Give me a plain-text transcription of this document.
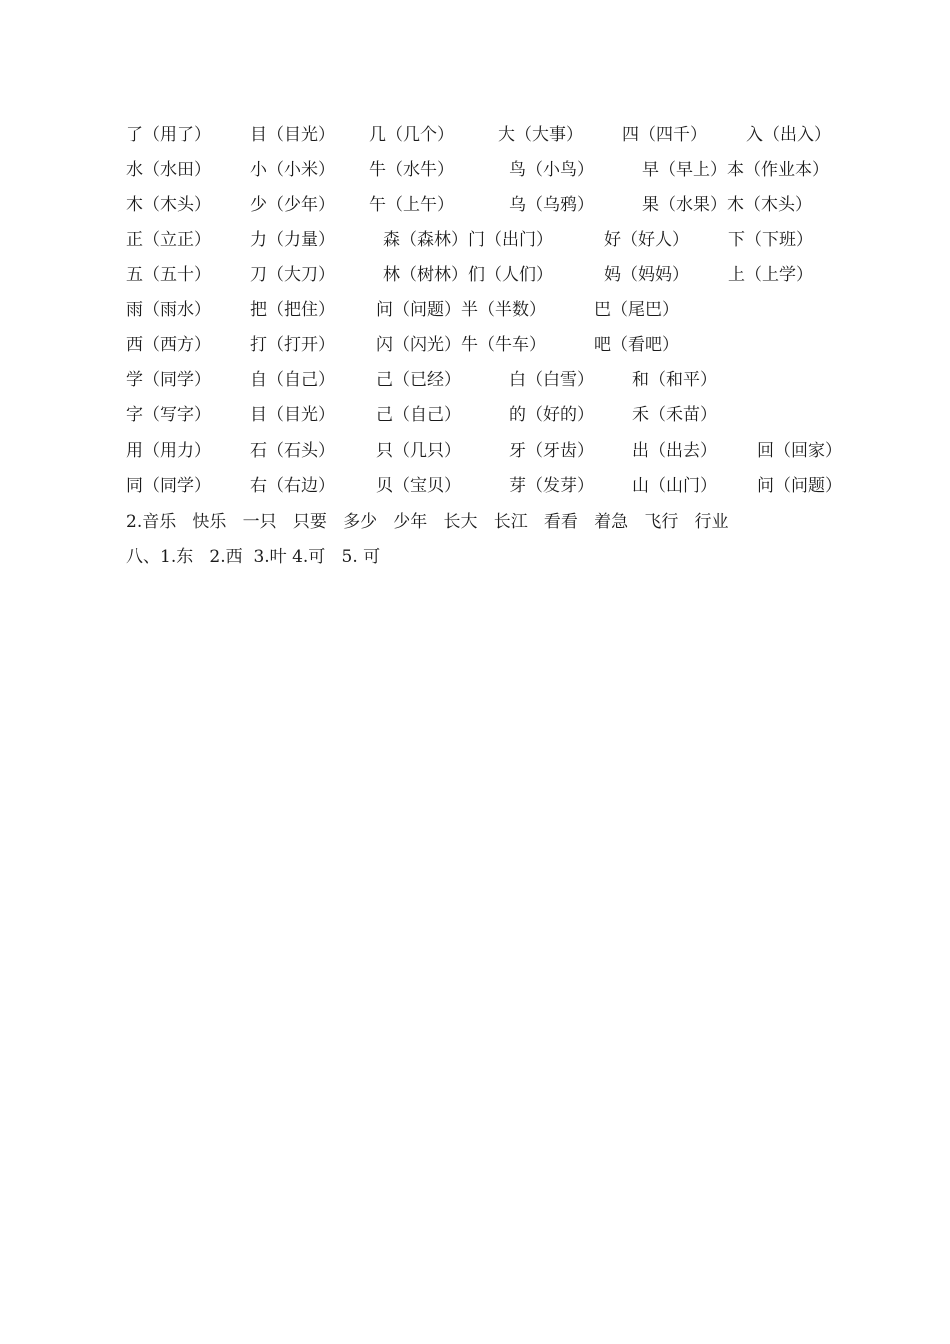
了（用了） 目（目光） 几（几个）	大（大事） 四（四千） 入（出入）
水（水田） 小（小米） 牛（水牛）	鸟（小鸟）	早（早上）本（作业本）
木（木头） 少（少年） 午（上午）	乌（乌鸦）	果（水果）木（木头）
正（立正） 力（力量）	森（森林）门（出门）	好（好人） 下（下班）
五（五十） 刀（大刀）	林（树林）们（人们）	妈（妈妈） 上（上学）
雨（雨水） 把（把住） 问（问题）半（半数）	巴（尾巴）
西（西方） 打（打开） 闪（闪光）牛（牛车）	吧（看吧）
学（同学） 自（自己） 己（已经）	白（白雪） 和（和平）
字（写字） 目（目光） 己（自己）	的（好的） 禾（禾苗）
用（用力） 石（石头） 只（几只）	牙（牙齿） 出（出去） 回（回家）
同（同学） 右（右边） 贝（宝贝）	芽（发芽） 山（山门） 问（问题）
2.音乐   快乐   一只   只要   多少   少年   长大   长江   看看   着急   飞行   行业
八、1.东   2.西  3.叶 4.可   5. 可
